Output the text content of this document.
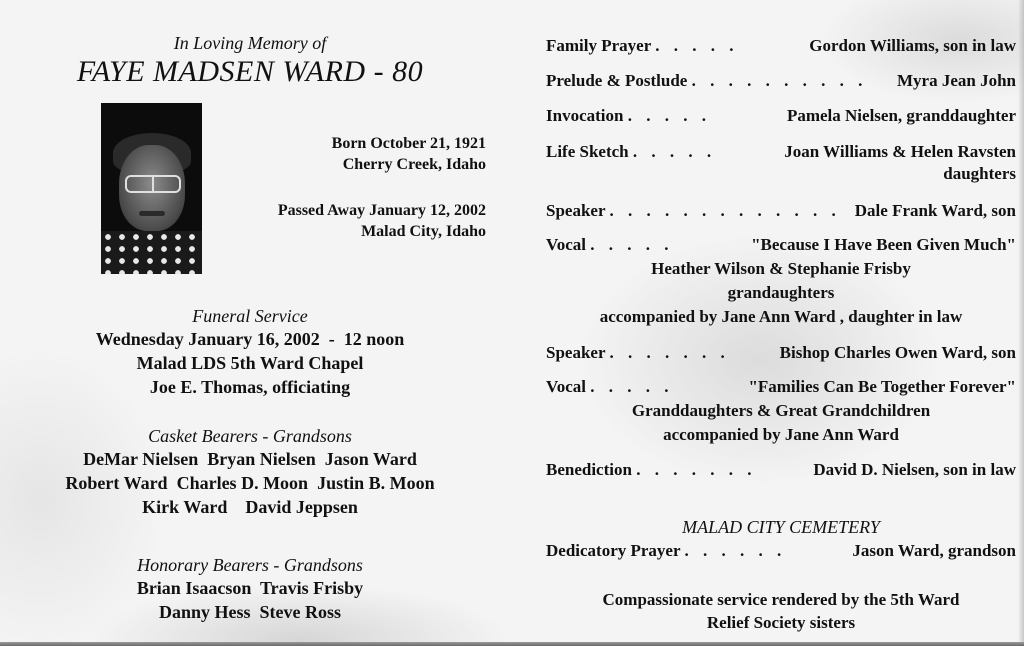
In Loving Memory of
FAYE MADSEN WARD - 80
Born October 21, 1921
Cherry Creek, Idaho
Passed Away January 12, 2002
Malad City, Idaho
Funeral Service
Wednesday January 16, 2002  -  12 noon
Malad LDS 5th Ward Chapel
Joe E. Thomas, officiating
Casket Bearers - Grandsons
DeMar Nielsen  Bryan Nielsen  Jason Ward
Robert Ward  Charles D. Moon  Justin B. Moon
Kirk Ward    David Jeppsen
Honorary Bearers - Grandsons
Brian Isaacson  Travis Frisby
Danny Hess  Steve Ross
Family Prayer . . . . .	Gordon Williams, son in law
Prelude & Postlude . . . . . . . . . . Myra Jean John
Invocation . . . . .	Pamela Nielsen, granddaughter
Life Sketch . . . . .	Joan Williams & Helen Ravsten
daughters
Speaker . . . . . . . . . . . . . Dale Frank Ward, son
Vocal . . . . .	"Because I Have Been Given Much"
Heather Wilson & Stephanie Frisby
grandaughters
accompanied by Jane Ann Ward , daughter in law
Speaker . . . . . . .	Bishop Charles Owen Ward, son
Vocal . . . . .	"Families Can Be Together Forever"
Granddaughters & Great Grandchildren
accompanied by Jane Ann Ward
Benediction . . . . . . .	David D. Nielsen, son in law
MALAD CITY CEMETERY
Dedicatory Prayer . . . . . .	Jason Ward, grandson
Compassionate service rendered by the 5th Ward
Relief Society sisters
